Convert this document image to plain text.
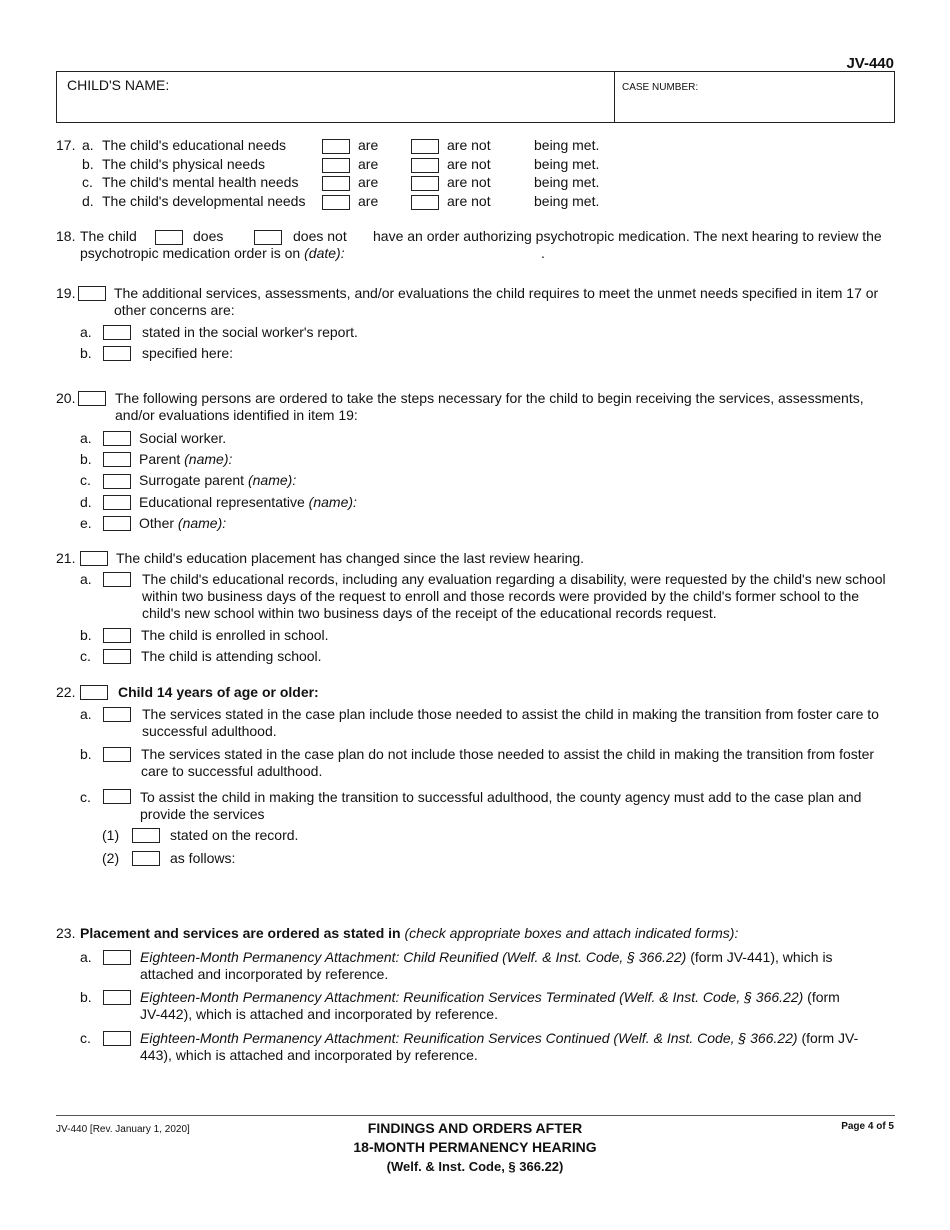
JV-440
CHILD'S NAME:	CASE NUMBER:
17. a. The child's educational needs	are	are not	being met.
b. The child's physical needs	are	are not	being met.
c. The child's mental health needs	are	are not	being met.
d. The child's developmental needs	are	are not	being met.
18. The child	does	does not have an order authorizing psychotropic medication. The next hearing to review the
psychotropic medication order is on (date):	.
19.	The additional services, assessments, and/or evaluations the child requires to meet the unmet needs specified in item 17 or other concerns are:
a.	stated in the social worker's report.
b.	specified here:
20.	The following persons are ordered to take the steps necessary for the child to begin receiving the services, assessments, and/or evaluations identified in item 19:
a.	Social worker.
b.	Parent (name):
c.	Surrogate parent (name):
d.	Educational representative (name):
e.	Other (name):
21.	The child's education placement has changed since the last review hearing.
a.	The child's educational records, including any evaluation regarding a disability, were requested by the child's new school within two business days of the request to enroll and those records were provided by the child's former school to the child's new school within two business days of the receipt of the educational records request.
b.	The child is enrolled in school.
c.	The child is attending school.
22.	Child 14 years of age or older:
a.	The services stated in the case plan include those needed to assist the child in making the transition from foster care to successful adulthood.
b.	The services stated in the case plan do not include those needed to assist the child in making the transition from foster care to successful adulthood.
c.	To assist the child in making the transition to successful adulthood, the county agency must add to the case plan and provide the services
(1)	stated on the record.
(2)	as follows:
23. Placement and services are ordered as stated in (check appropriate boxes and attach indicated forms):
a.	Eighteen-Month Permanency Attachment: Child Reunified (Welf. & Inst. Code, § 366.22) (form JV-441), which is attached and incorporated by reference.
b.	Eighteen-Month Permanency Attachment: Reunification Services Terminated (Welf. & Inst. Code, § 366.22) (form JV-442), which is attached and incorporated by reference.
c.	Eighteen-Month Permanency Attachment: Reunification Services Continued (Welf. & Inst. Code, § 366.22) (form JV-443), which is attached and incorporated by reference.
JV-440 [Rev. January 1, 2020]	FINDINGS AND ORDERS AFTER
18-MONTH PERMANENCY HEARING
(Welf. & Inst. Code, § 366.22)
Page 4 of 5
